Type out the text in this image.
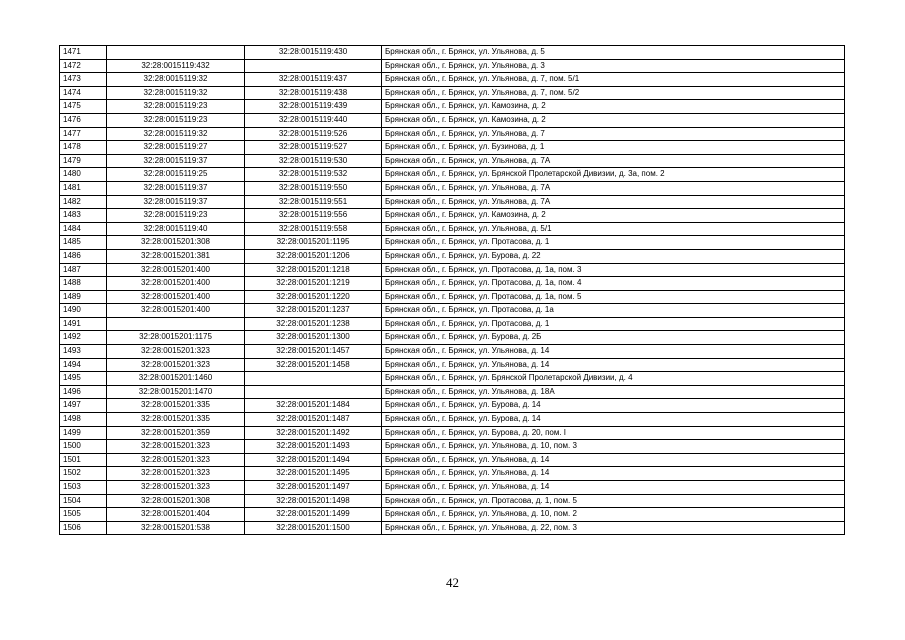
1471		32:28:0015119:430	Брянская обл., г. Брянск, ул. Ульянова, д. 5
1472	32:28:0015119:432		Брянская обл., г. Брянск, ул. Ульянова, д. 3
1473	32:28:0015119:32	32:28:0015119:437	Брянская обл., г. Брянск, ул. Ульянова, д. 7, пом. 5/1
1474	32:28:0015119:32	32:28:0015119:438	Брянская обл., г. Брянск, ул. Ульянова, д. 7, пом. 5/2
1475	32:28:0015119:23	32:28:0015119:439	Брянская обл., г. Брянск, ул. Камозина, д. 2
1476	32:28:0015119:23	32:28:0015119:440	Брянская обл., г. Брянск, ул. Камозина, д. 2
1477	32:28:0015119:32	32:28:0015119:526	Брянская обл., г. Брянск, ул. Ульянова, д. 7
1478	32:28:0015119:27	32:28:0015119:527	Брянская обл., г. Брянск, ул. Бузинова, д. 1
1479	32:28:0015119:37	32:28:0015119:530	Брянская обл., г. Брянск, ул. Ульянова, д. 7А
1480	32:28:0015119:25	32:28:0015119:532	Брянская обл., г. Брянск, ул. Брянской Пролетарской Дивизии, д. 3а, пом. 2
1481	32:28:0015119:37	32:28:0015119:550	Брянская обл., г. Брянск, ул. Ульянова, д. 7А
1482	32:28:0015119:37	32:28:0015119:551	Брянская обл., г. Брянск, ул. Ульянова, д. 7А
1483	32:28:0015119:23	32:28:0015119:556	Брянская обл., г. Брянск, ул. Камозина, д. 2
1484	32:28:0015119:40	32:28:0015119:558	Брянская обл., г. Брянск, ул. Ульянова, д. 5/1
1485	32:28:0015201:308	32:28:0015201:1195	Брянская обл., г. Брянск, ул. Протасова, д. 1
1486	32:28:0015201:381	32:28:0015201:1206	Брянская обл., г. Брянск, ул. Бурова, д. 22
1487	32:28:0015201:400	32:28:0015201:1218	Брянская обл., г. Брянск, ул. Протасова, д. 1а, пом. 3
1488	32:28:0015201:400	32:28:0015201:1219	Брянская обл., г. Брянск, ул. Протасова, д. 1а, пом. 4
1489	32:28:0015201:400	32:28:0015201:1220	Брянская обл., г. Брянск, ул. Протасова, д. 1а, пом. 5
1490	32:28:0015201:400	32:28:0015201:1237	Брянская обл., г. Брянск, ул. Протасова, д. 1а
1491		32:28:0015201:1238	Брянская обл., г. Брянск, ул. Протасова, д. 1
1492	32:28:0015201:1175	32:28:0015201:1300	Брянская обл., г. Брянск, ул. Бурова, д. 2Б
1493	32:28:0015201:323	32:28:0015201:1457	Брянская обл., г. Брянск, ул. Ульянова, д. 14
1494	32:28:0015201:323	32:28:0015201:1458	Брянская обл., г. Брянск, ул. Ульянова, д. 14
1495	32:28:0015201:1460		Брянская обл., г. Брянск, ул. Брянской Пролетарской Дивизии, д. 4
1496	32:28:0015201:1470		Брянская обл., г. Брянск, ул. Ульянова, д. 18А
1497	32:28:0015201:335	32:28:0015201:1484	Брянская обл., г. Брянск, ул. Бурова, д. 14
1498	32:28:0015201:335	32:28:0015201:1487	Брянская обл., г. Брянск, ул. Бурова, д. 14
1499	32:28:0015201:359	32:28:0015201:1492	Брянская обл., г. Брянск, ул. Бурова, д. 20, пом. I
1500	32:28:0015201:323	32:28:0015201:1493	Брянская обл., г. Брянск, ул. Ульянова, д. 10, пом. 3
1501	32:28:0015201:323	32:28:0015201:1494	Брянская обл., г. Брянск, ул. Ульянова, д. 14
1502	32:28:0015201:323	32:28:0015201:1495	Брянская обл., г. Брянск, ул. Ульянова, д. 14
1503	32:28:0015201:323	32:28:0015201:1497	Брянская обл., г. Брянск, ул. Ульянова, д. 14
1504	32:28:0015201:308	32:28:0015201:1498	Брянская обл., г. Брянск, ул. Протасова, д. 1, пом. 5
1505	32:28:0015201:404	32:28:0015201:1499	Брянская обл., г. Брянск, ул. Ульянова, д. 10, пом. 2
1506	32:28:0015201:538	32:28:0015201:1500	Брянская обл., г. Брянск, ул. Ульянова, д. 22, пом. 3
42
